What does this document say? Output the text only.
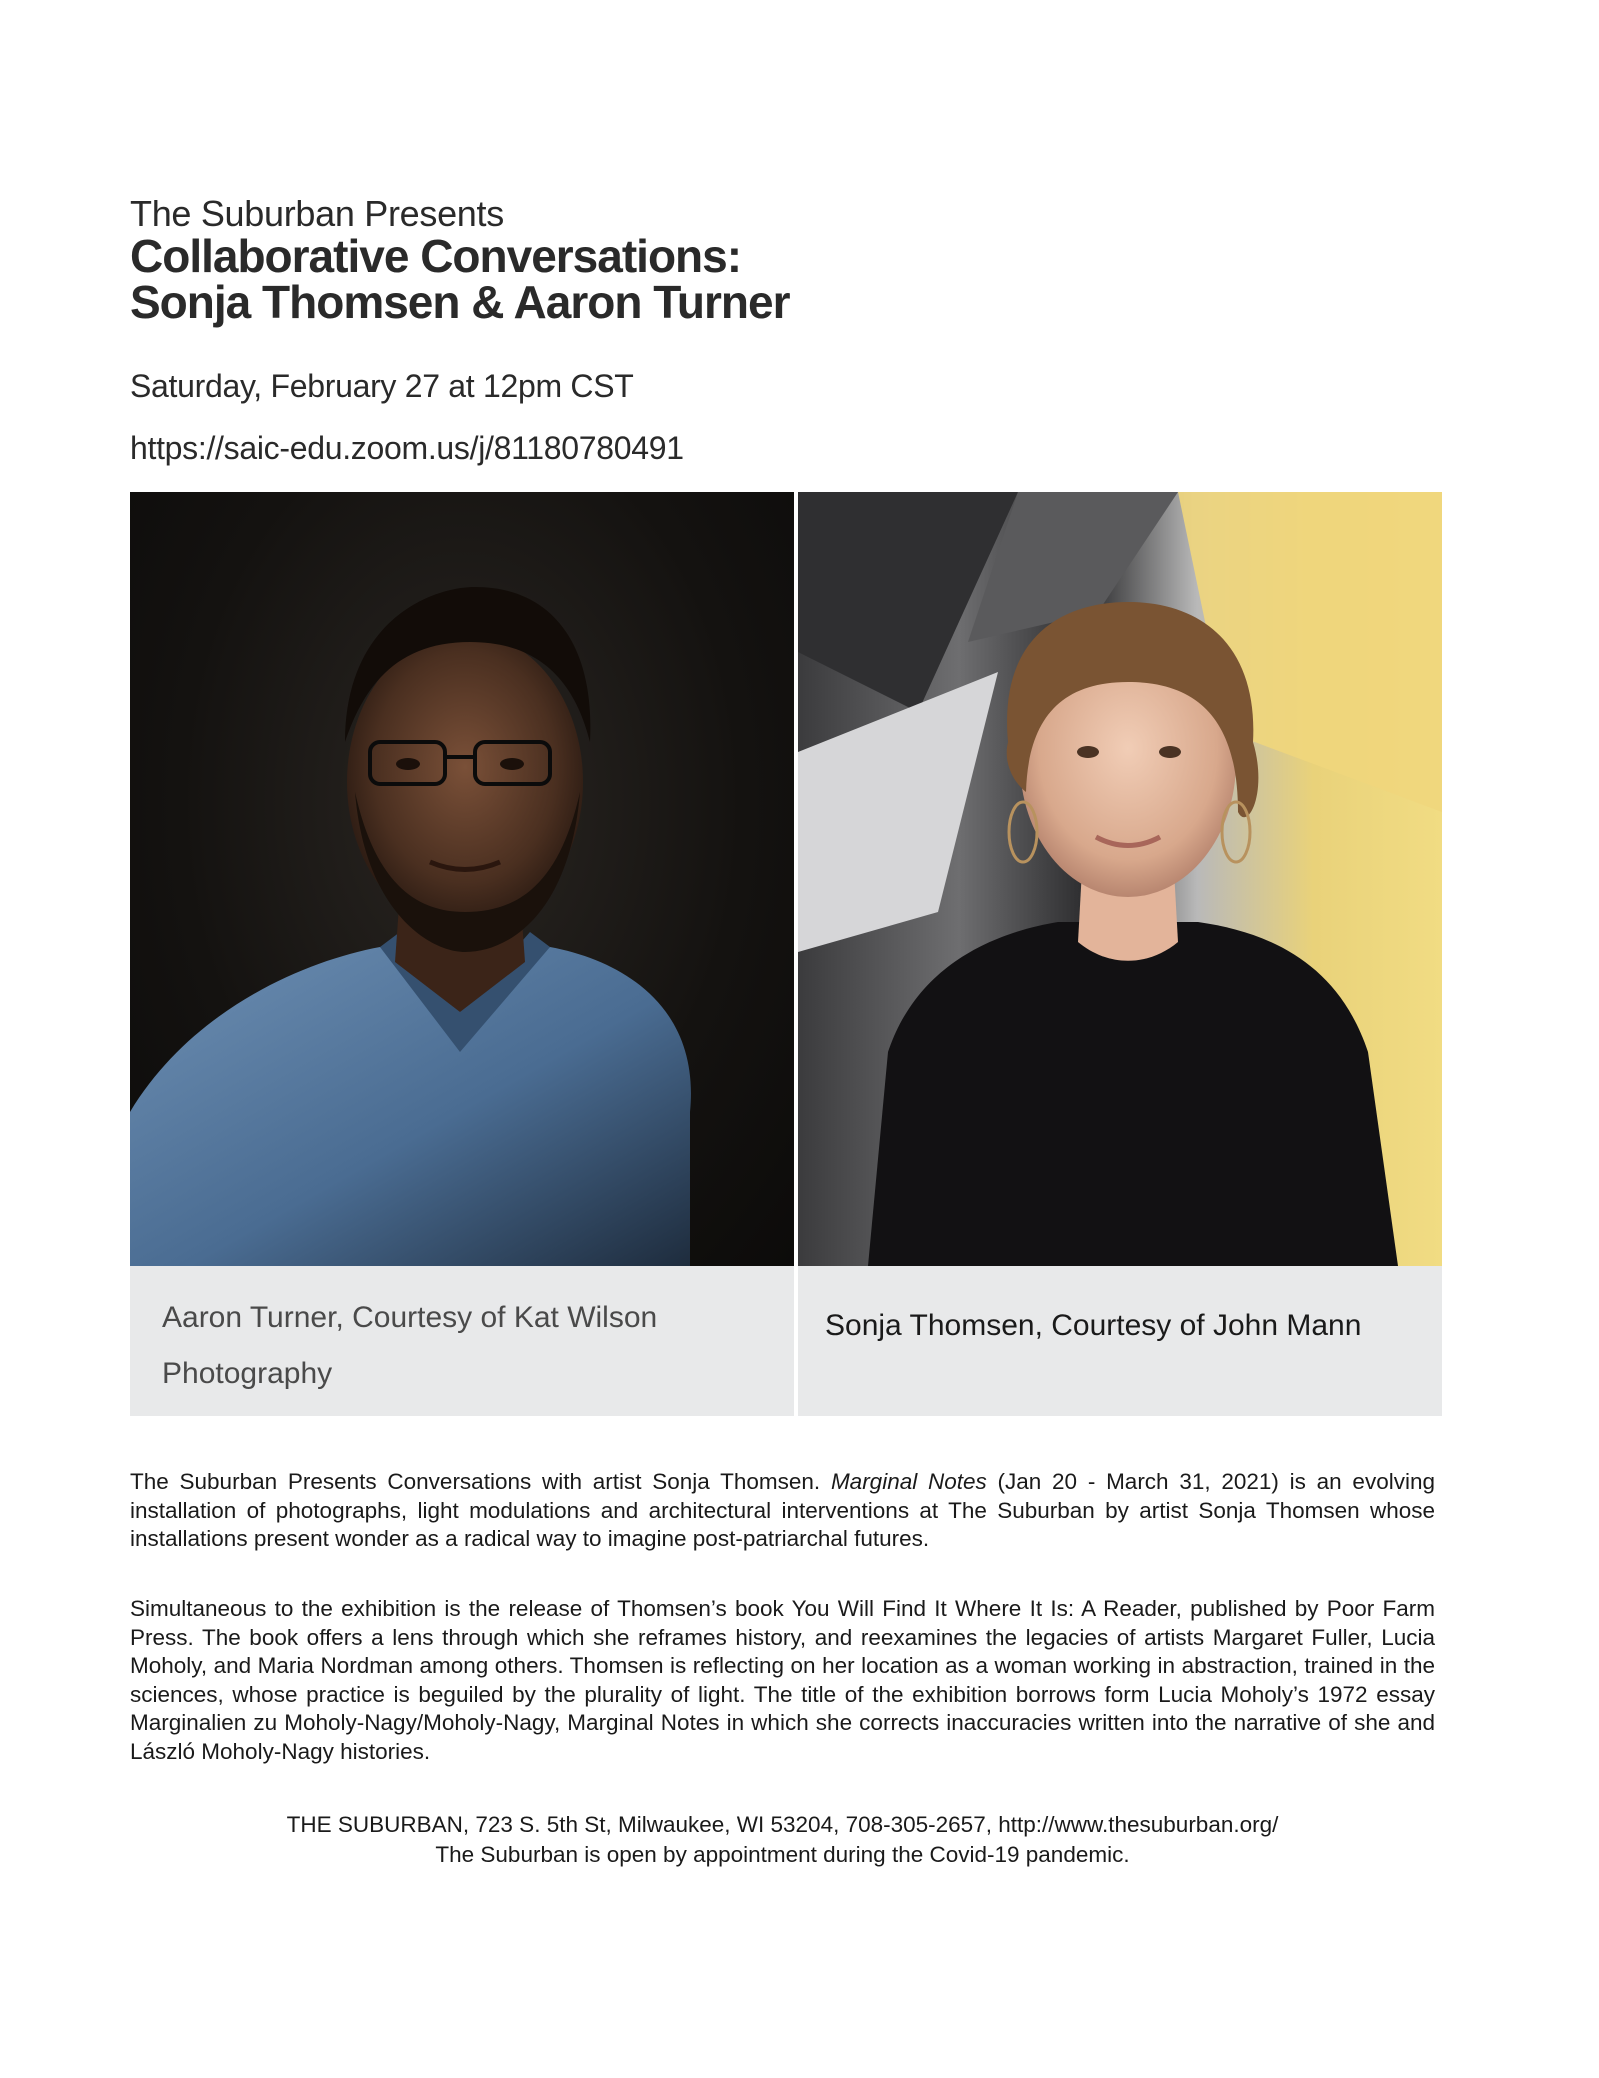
The Suburban Presents
Collaborative Conversations:
Sonja Thomsen & Aaron Turner
Saturday, February 27 at 12pm CST
https://saic-edu.zoom.us/j/81180780491
Aaron Turner, Courtesy of Kat Wilson Photography
Sonja Thomsen, Courtesy of John Mann
The Suburban Presents Conversations with artist Sonja Thomsen. Marginal Notes (Jan 20 - March 31, 2021) is an evolving installation of photographs, light modulations and architectural interventions at The Suburban by artist Sonja Thomsen whose installations present wonder as a radical way to imagine post-patriarchal futures.
Simultaneous to the exhibition is the release of Thomsen’s book You Will Find It Where It Is: A Reader, published by Poor Farm Press. The book offers a lens through which she reframes history, and reexamines the legacies of artists Margaret Fuller, Lucia Moholy, and Maria Nordman among others. Thomsen is reflecting on her location as a woman working in abstraction, trained in the sciences, whose practice is beguiled by the plurality of light. The title of the exhibition borrows form Lucia Moholy’s 1972 essay Marginalien zu Moholy-Nagy/Moholy-Nagy, Marginal Notes in which she corrects inaccuracies written into the narrative of she and László Moholy-Nagy histories.
THE SUBURBAN, 723 S. 5th St, Milwaukee, WI 53204, 708-305-2657, http://www.thesuburban.org/
The Suburban is open by appointment during the Covid-19 pandemic.
